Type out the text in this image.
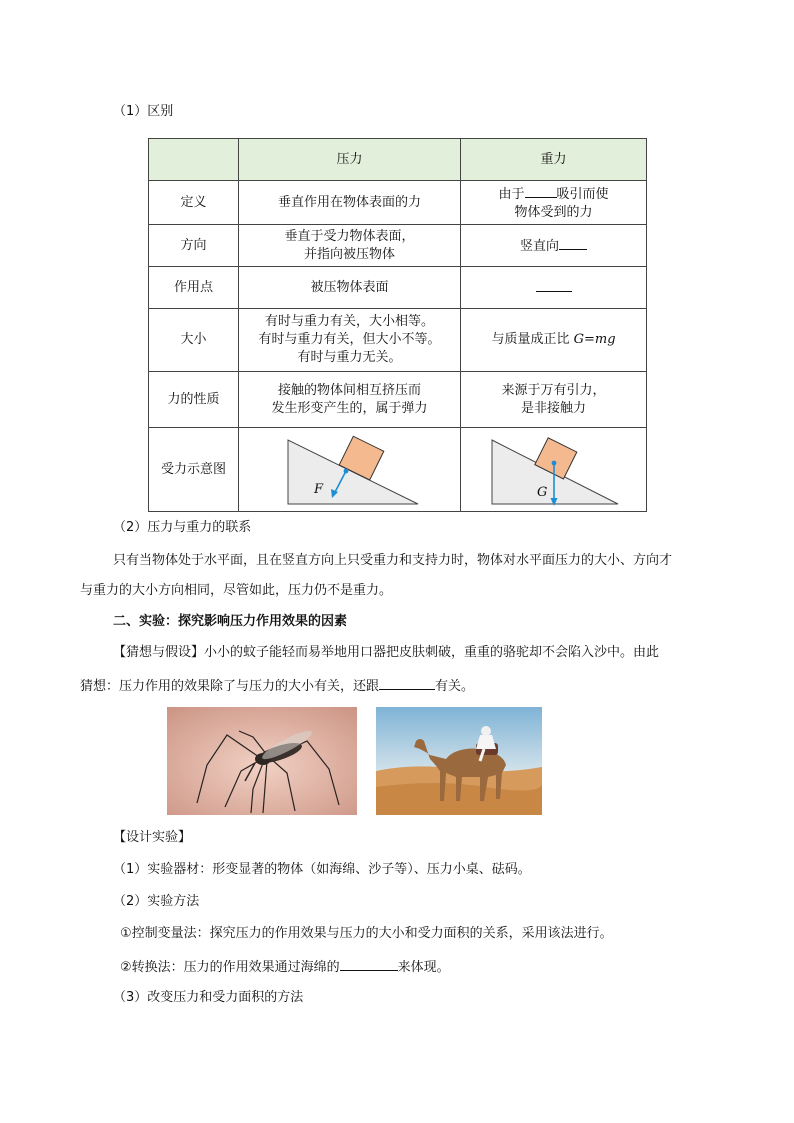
（1）区别
	压力	重力
定义	垂直作用在物体表面的力	由于 吸引而使
物体受到的力
方向	垂直于受力物体表面，
并指向被压物体	竖直向
作用点	被压物体表面	
大小	有时与重力有关，大小相等。
有时与重力有关，但大小不等。
有时与重力无关。	与质量成正比 G=mg
力的性质	接触的物体间相互挤压而
发生形变产生的，属于弹力	来源于万有引力，
是非接触力
受力示意图	F	G
（2）压力与重力的联系
只有当物体处于水平面，且在竖直方向上只受重力和支持力时，物体对水平面压力的大小、方向才
与重力的大小方向相同，尽管如此，压力仍不是重力。
二、实验：探究影响压力作用效果的因素
【猜想与假设】小小的蚊子能轻而易举地用口器把皮肤刺破，重重的骆驼却不会陷入沙中。由此
猜想：压力作用的效果除了与压力的大小有关，还跟	有关。
【设计实验】
（1）实验器材：形变显著的物体（如海绵、沙子等）、压力小桌、砝码。
（2）实验方法
①控制变量法：探究压力的作用效果与压力的大小和受力面积的关系，采用该法进行。
②转换法：压力的作用效果通过海绵的	来体现。
（3）改变压力和受力面积的方法
